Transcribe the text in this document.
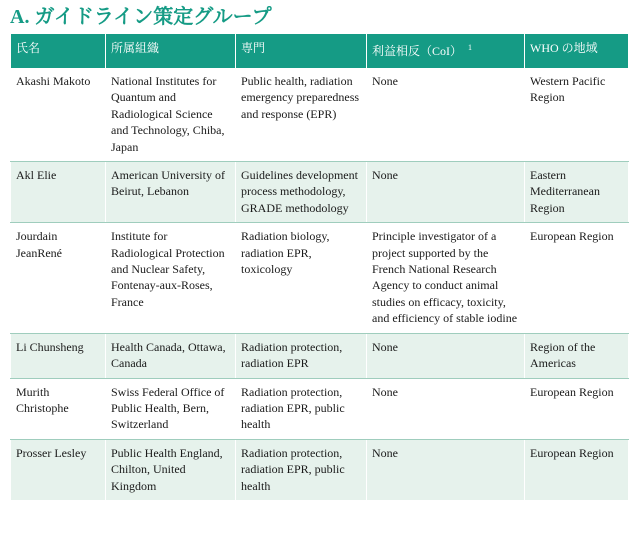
A. ガイドライン策定グループ
氏名	所属組織	専門	利益相反（CoI） $^1$	WHO の地域
Akashi Makoto	National Institutes for Quantum and Radiological Science and Technology, Chiba, Japan	Public health, radiation emergency preparedness and response (EPR)	None	Western Pacific Region
Akl Elie	American University of Beirut, Lebanon	Guidelines development process methodology, GRADE methodology	None	Eastern Mediterranean Region
Jourdain JeanRené	Institute for Radiological Protection and Nuclear Safety, Fontenay-aux-Roses, France	Radiation biology, radiation EPR, toxicology	Principle investigator of a project supported by the French National Research Agency to conduct animal studies on efficacy, toxicity, and efficiency of stable iodine	European Region
Li Chunsheng	Health Canada, Ottawa, Canada	Radiation protection, radiation EPR	None	Region of the Americas
Murith Christophe	Swiss Federal Office of Public Health, Bern, Switzerland	Radiation protection, radiation EPR, public health	None	European Region
Prosser Lesley	Public Health England, Chilton, United Kingdom	Radiation protection, radiation EPR, public health	None	European Region
